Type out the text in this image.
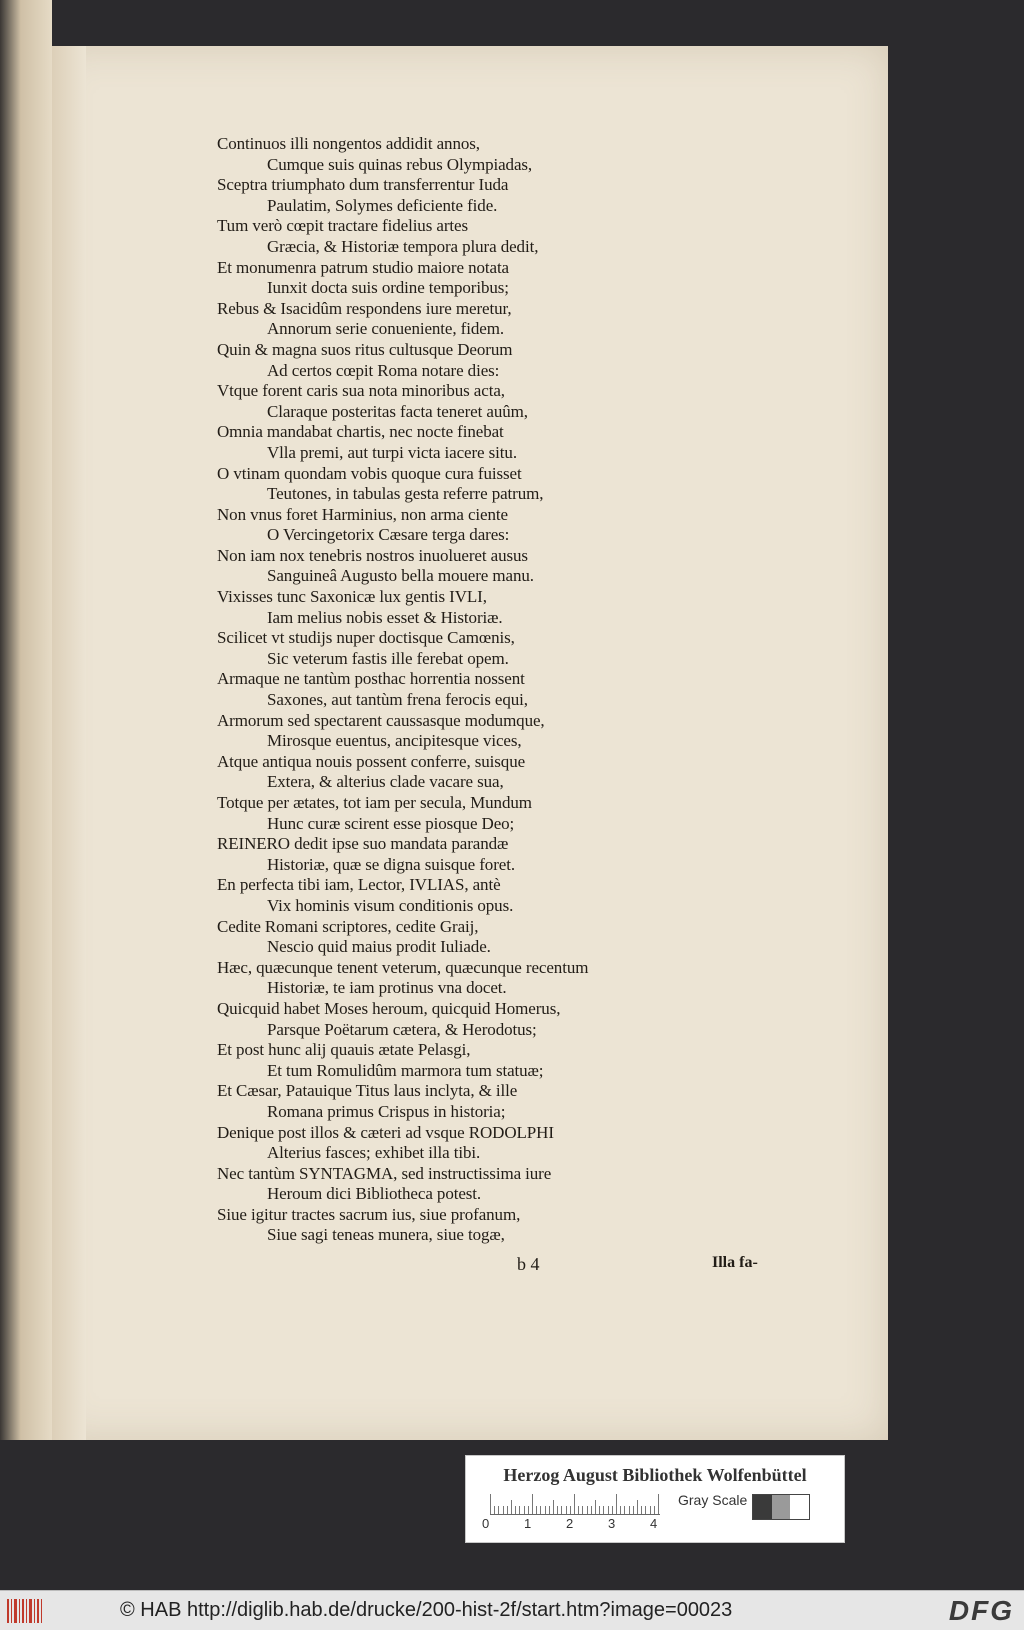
Continuos illi nongentos addidit annos,
Cumque suis quinas rebus Olympiadas,
Sceptra triumphato dum transferrentur Iuda
Paulatim, Solymes deficiente fide.
Tum verò cœpit tractare fidelius artes
Græcia, & Historiæ tempora plura dedit,
Et monumenra patrum studio maiore notata
Iunxit docta suis ordine temporibus;
Rebus & Isacidûm respondens iure meretur,
Annorum serie conueniente, fidem.
Quin & magna suos ritus cultusque Deorum
Ad certos cœpit Roma notare dies:
Vtque forent caris sua nota minoribus acta,
Claraque posteritas facta teneret auûm,
Omnia mandabat chartis, nec nocte finebat
Vlla premi, aut turpi victa iacere situ.
O vtinam quondam vobis quoque cura fuisset
Teutones, in tabulas gesta referre patrum,
Non vnus foret Harminius, non arma ciente
O Vercingetorix Cæsare terga dares:
Non iam nox tenebris nostros inuolueret ausus
Sanguineâ Augusto bella mouere manu.
Vixisses tunc Saxonicæ lux gentis IVLI,
Iam melius nobis esset & Historiæ.
Scilicet vt studijs nuper doctisque Camœnis,
Sic veterum fastis ille ferebat opem.
Armaque ne tantùm posthac horrentia nossent
Saxones, aut tantùm frena ferocis equi,
Armorum sed spectarent caussasque modumque,
Mirosque euentus, ancipitesque vices,
Atque antiqua nouis possent conferre, suisque
Extera, & alterius clade vacare sua,
Totque per ætates, tot iam per secula, Mundum
Hunc curæ scirent esse piosque Deo;
REINERO dedit ipse suo mandata parandæ
Historiæ, quæ se digna suisque foret.
En perfecta tibi iam, Lector, IVLIAS, antè
Vix hominis visum conditionis opus.
Cedite Romani scriptores, cedite Graij,
Nescio quid maius prodit Iuliade.
Hæc, quæcunque tenent veterum, quæcunque recentum
Historiæ, te iam protinus vna docet.
Quicquid habet Moses heroum, quicquid Homerus,
Parsque Poëtarum cætera, & Herodotus;
Et post hunc alij quauis ætate Pelasgi,
Et tum Romulidûm marmora tum statuæ;
Et Cæsar, Patauique Titus laus inclyta, & ille
Romana primus Crispus in historia;
Denique post illos & cæteri ad vsque RODOLPHI
Alterius fasces; exhibet illa tibi.
Nec tantùm SYNTAGMA, sed instructissima iure
Heroum dici Bibliotheca potest.
Siue igitur tractes sacrum ius, siue profanum,
Siue sagi teneas munera, siue togæ,
b 4	Illa fa-
Herzog August Bibliothek Wolfenbüttel
0	1	2	3	4
Gray Scale
© HAB http://diglib.hab.de/drucke/200-hist-2f/start.htm?image=00023	DFG
